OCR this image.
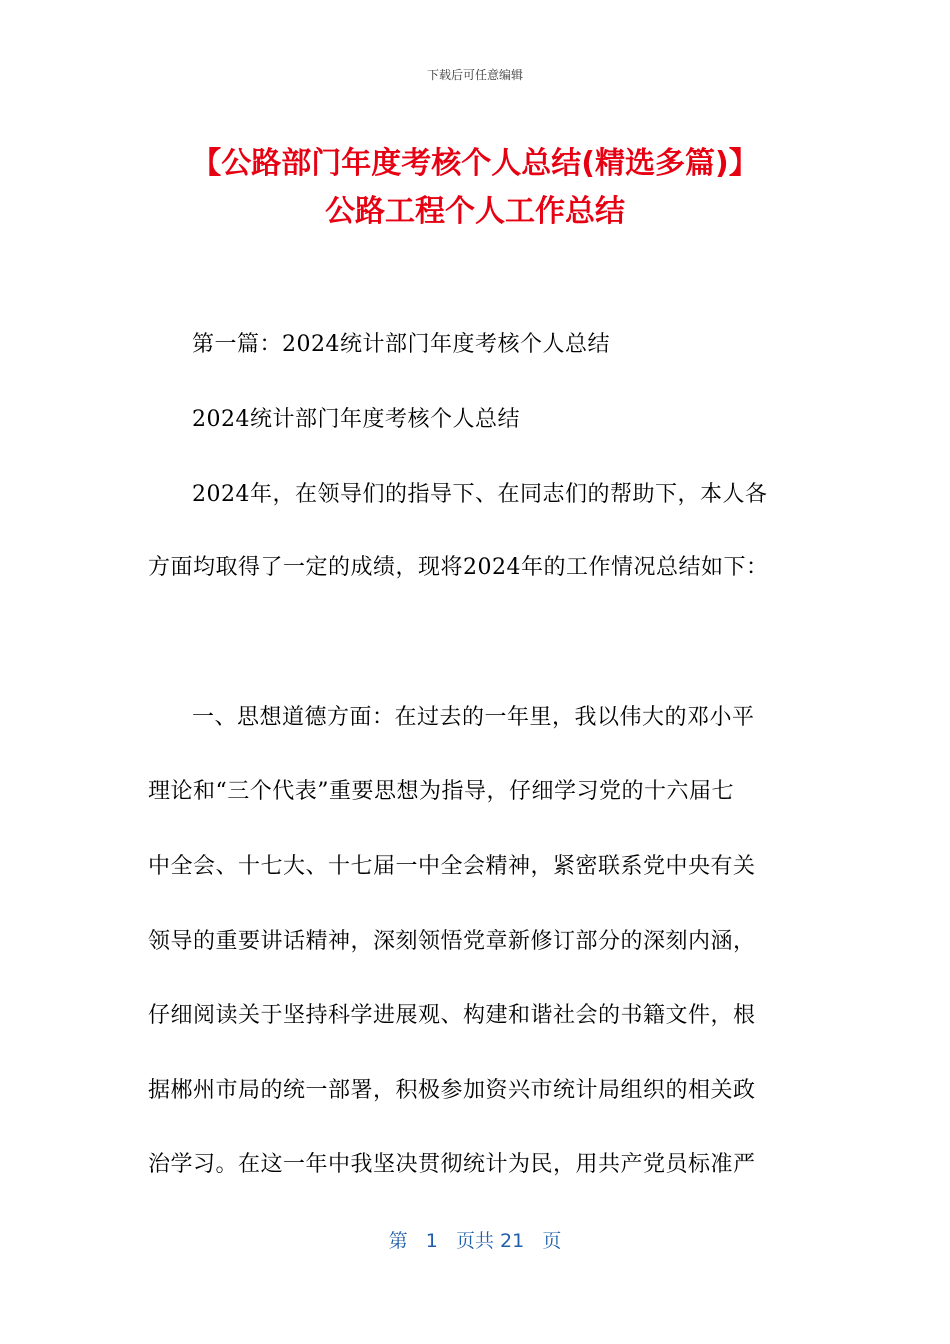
下载后可任意编辑
【公路部门年度考核个人总结(精选多篇)】
公路工程个人工作总结
第一篇：2024统计部门年度考核个人总结
2024统计部门年度考核个人总结
2024年，在领导们的指导下、在同志们的帮助下，本人各
方面均取得了一定的成绩，现将2024年的工作情况总结如下：
一、思想道德方面：在过去的一年里，我以伟大的邓小平
理论和“三个代表”重要思想为指导，仔细学习党的十六届七
中全会、十七大、十七届一中全会精神，紧密联系党中央有关
领导的重要讲话精神，深刻领悟党章新修订部分的深刻内涵，
仔细阅读关于坚持科学进展观、构建和谐社会的书籍文件，根
据郴州市局的统一部署，积极参加资兴市统计局组织的相关政
治学习。在这一年中我坚决贯彻统计为民，用共产党员标准严
第 1 页共 21 页
